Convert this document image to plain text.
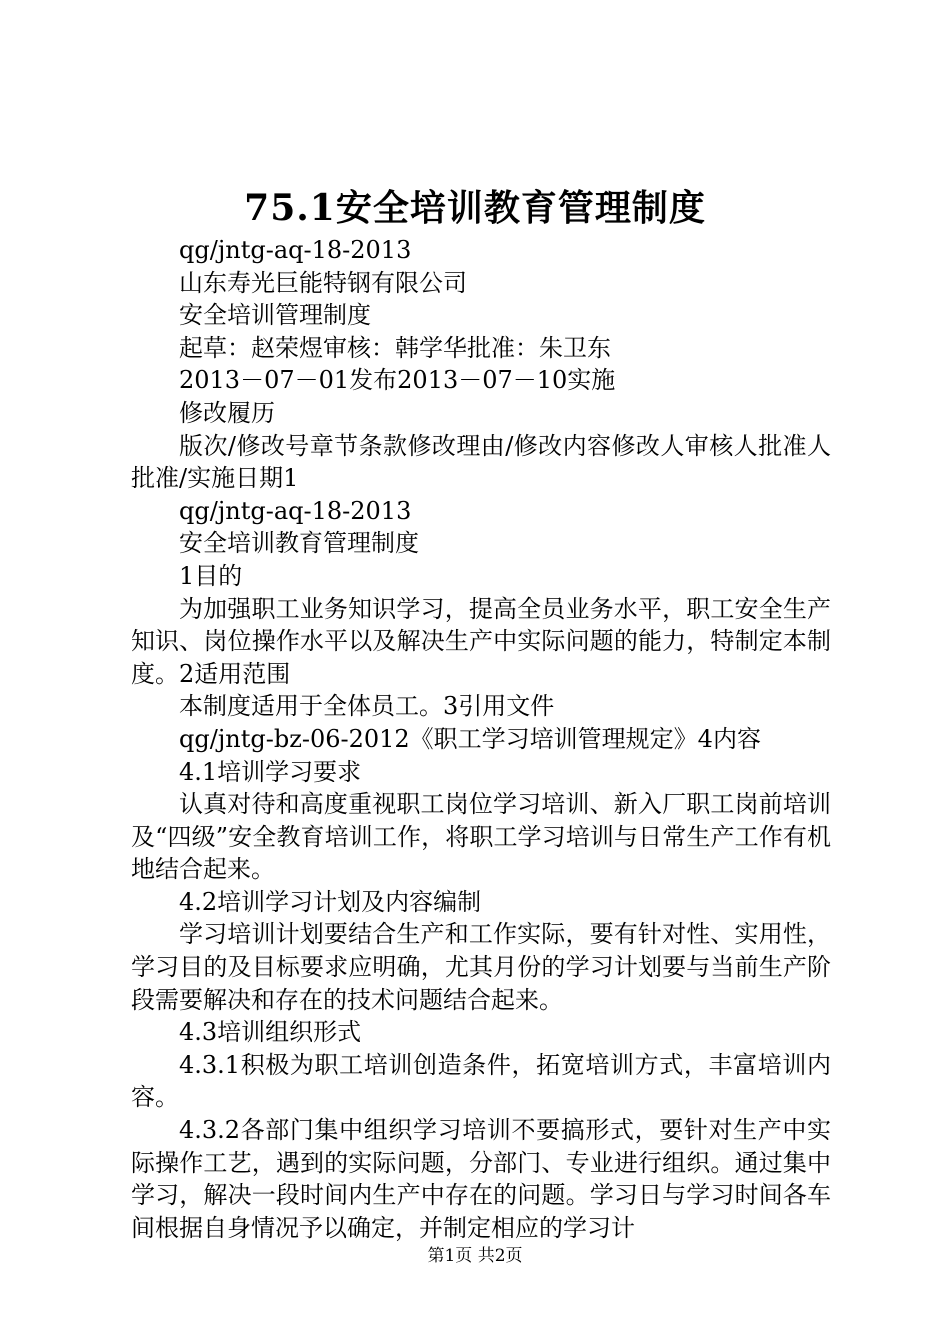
75.1安全培训教育管理制度

qg/jntg-aq-18-2013

山东寿光巨能特钢有限公司

安全培训管理制度

起草：赵荣煜审核：韩学华批准：朱卫东

2013－07－01发布2013－07－10实施

修改履历

版次/修改号章节条款修改理由/修改内容修改人审核人批准人批准/实施日期1

qg/jntg-aq-18-2013

安全培训教育管理制度

1目的

为加强职工业务知识学习，提高全员业务水平，职工安全生产知识、岗位操作水平以及解决生产中实际问题的能力，特制定本制度。2适用范围

本制度适用于全体员工。3引用文件

qg/jntg-bz-06-2012《职工学习培训管理规定》4内容

4.1培训学习要求

认真对待和高度重视职工岗位学习培训、新入厂职工岗前培训及“四级”安全教育培训工作，将职工学习培训与日常生产工作有机地结合起来。

4.2培训学习计划及内容编制

学习培训计划要结合生产和工作实际，要有针对性、实用性，学习目的及目标要求应明确，尤其月份的学习计划要与当前生产阶段需要解决和存在的技术问题结合起来。

4.3培训组织形式

4.3.1积极为职工培训创造条件，拓宽培训方式，丰富培训内容。

4.3.2各部门集中组织学习培训不要搞形式，要针对生产中实际操作工艺，遇到的实际问题，分部门、专业进行组织。通过集中学习，解决一段时间内生产中存在的问题。学习日与学习时间各车间根据自身情况予以确定，并制定相应的学习计

第1页 共2页
